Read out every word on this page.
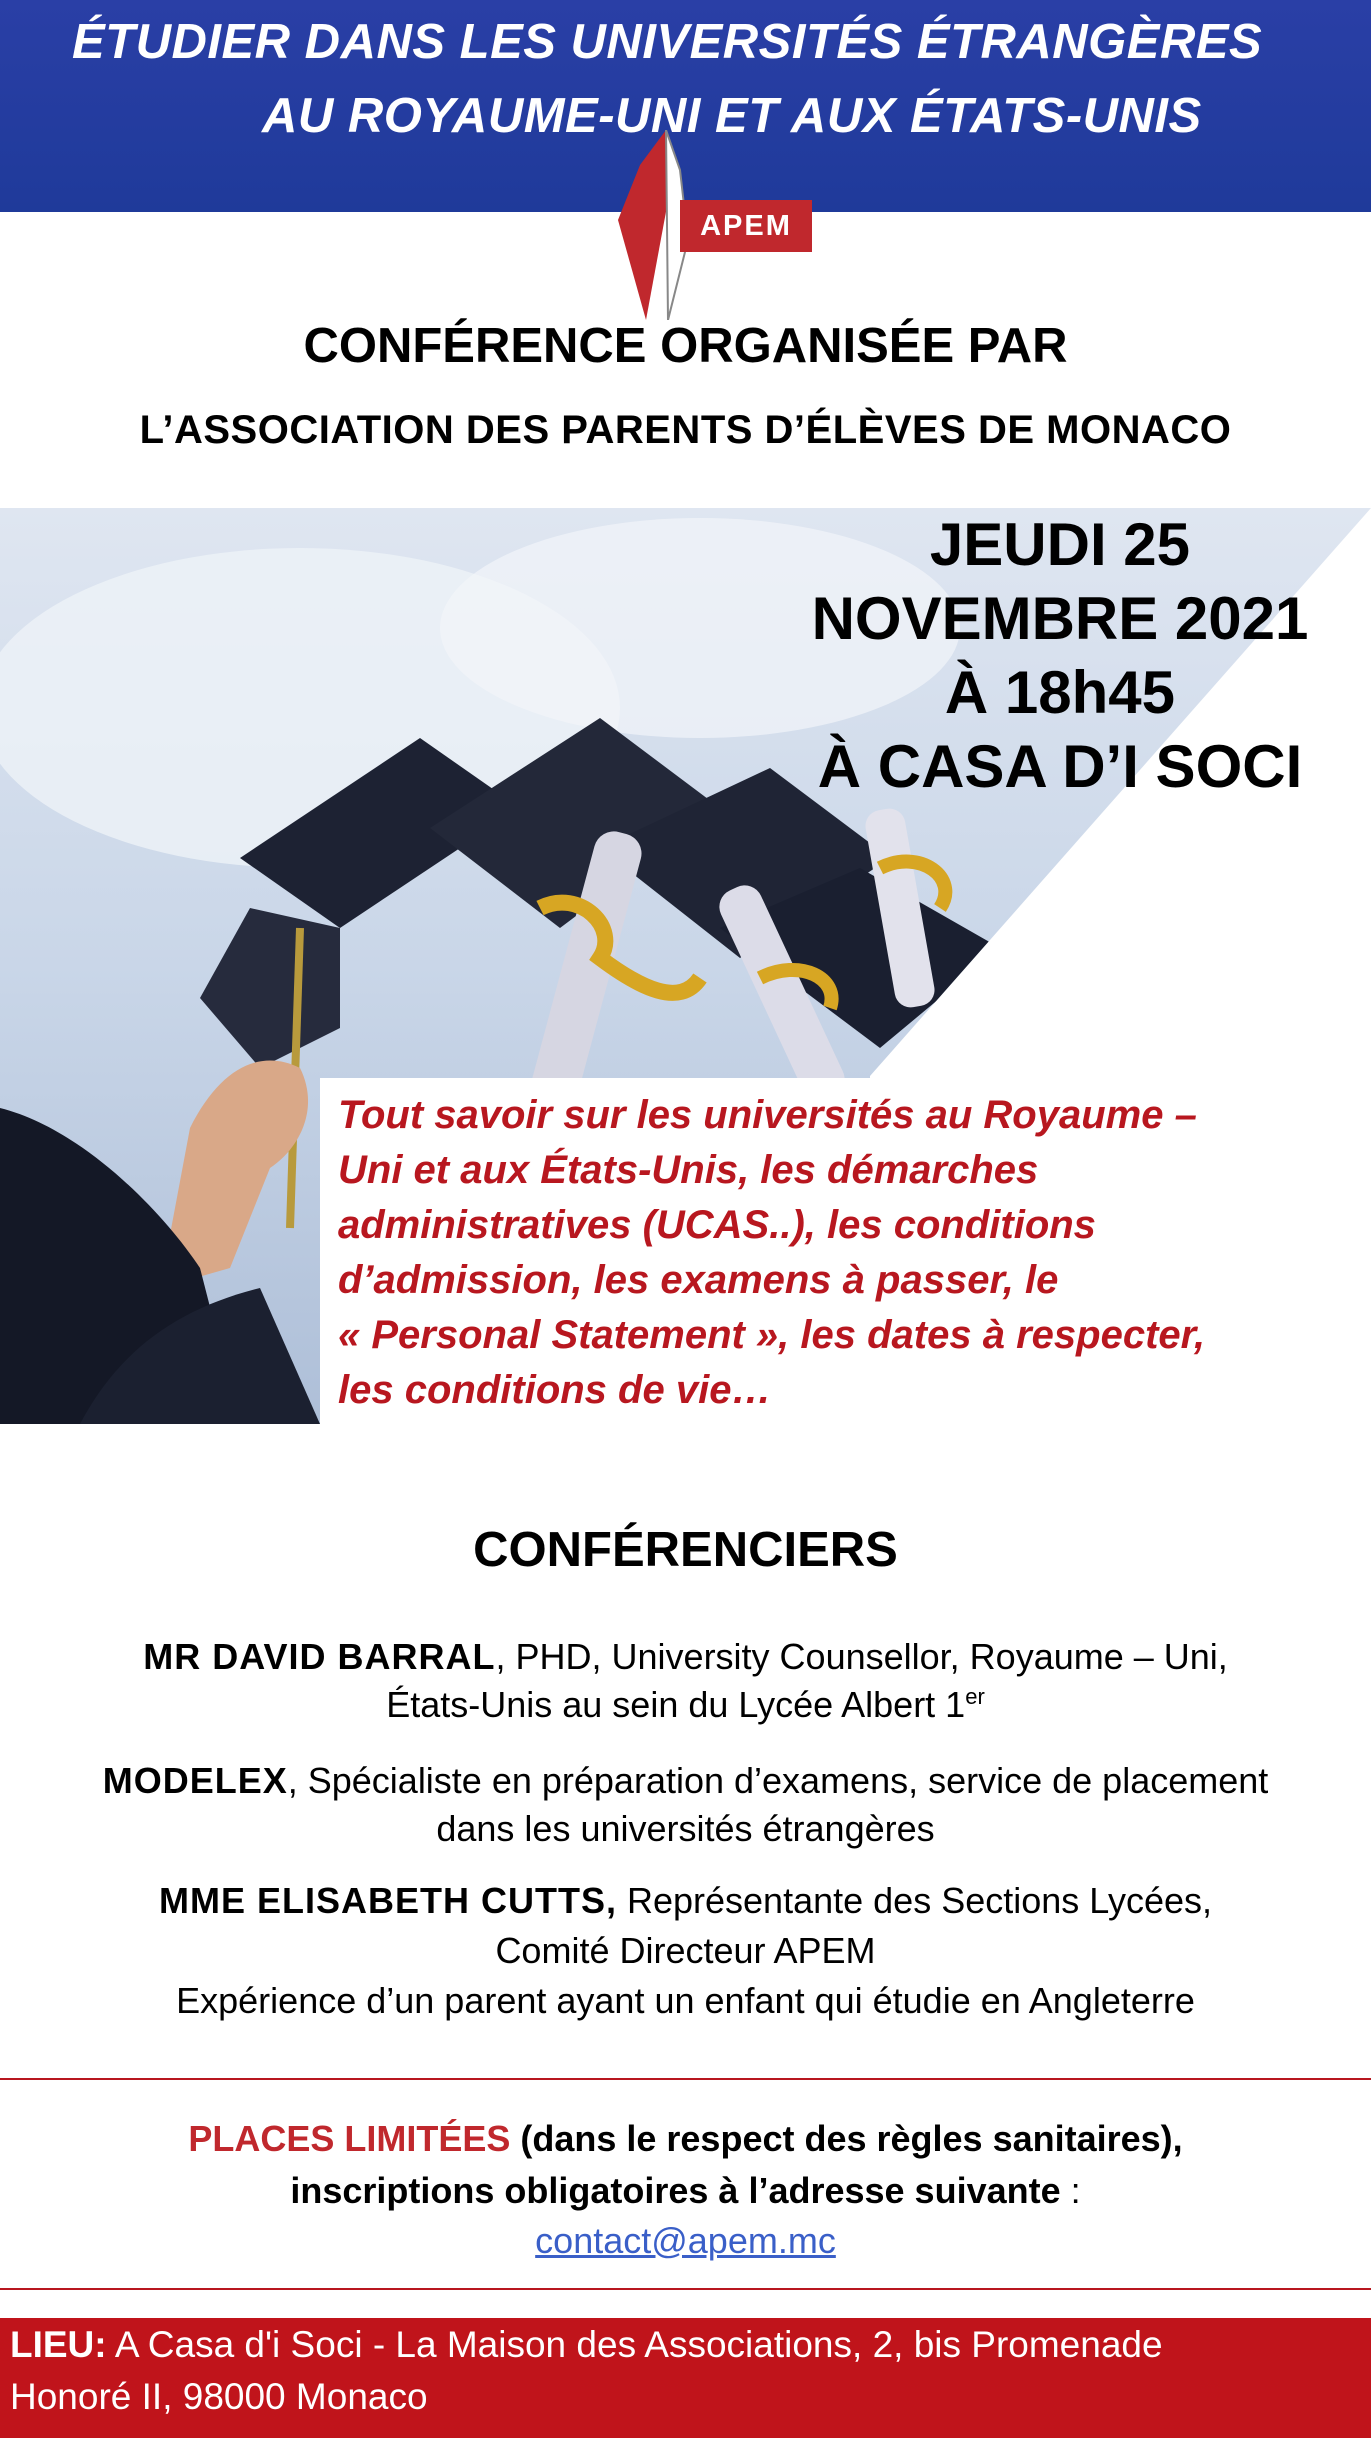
ÉTUDIER DANS LES UNIVERSITÉS ÉTRANGÈRES
AU ROYAUME-UNI ET AUX ÉTATS-UNIS
APEM
CONFÉRENCE ORGANISÉE PAR
L’ASSOCIATION DES PARENTS D’ÉLÈVES DE MONACO
JEUDI 25
NOVEMBRE 2021
À 18h45
À CASA D’I SOCI
Tout savoir sur les universités au Royaume –
Uni et aux États-Unis, les démarches
administratives (UCAS..), les conditions
d’admission, les examens à passer, le
« Personal Statement », les dates à respecter,
les conditions de vie…
CONFÉRENCIERS
MR DAVID BARRAL, PHD, University Counsellor, Royaume – Uni,
États-Unis au sein du Lycée Albert 1er
MODELEX, Spécialiste en préparation d’examens, service de placement
dans les universités étrangères
MME ELISABETH CUTTS, Représentante des Sections Lycées,
Comité Directeur APEM
Expérience d’un parent ayant un enfant qui étudie en Angleterre
PLACES LIMITÉES (dans le respect des règles sanitaires),
inscriptions obligatoires à l’adresse suivante :
contact@apem.mc
LIEU: A Casa d'i Soci - La Maison des Associations, 2, bis Promenade
Honoré II, 98000 Monaco
